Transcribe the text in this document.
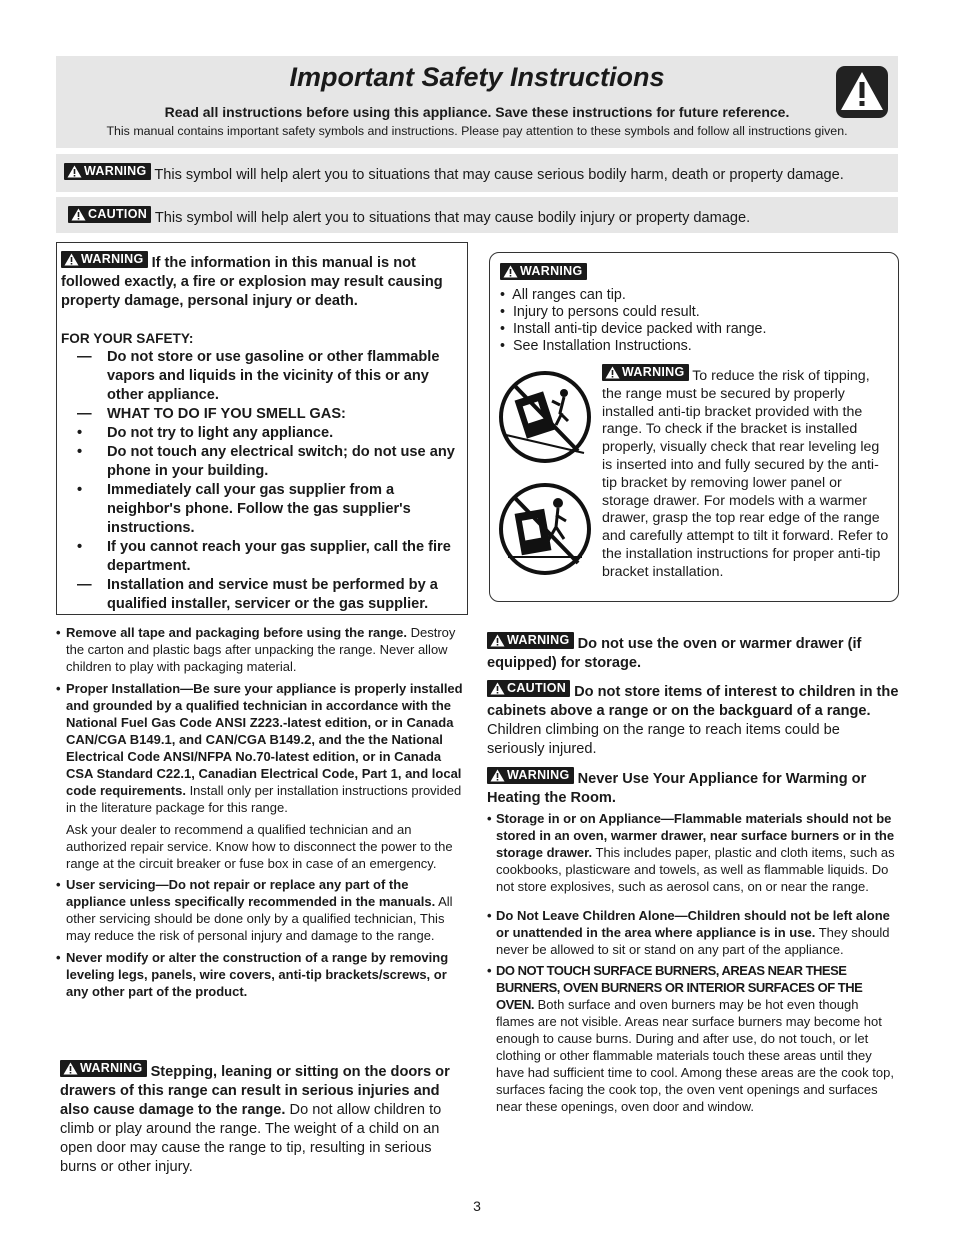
Important Safety Instructions
Read all instructions before using this appliance. Save these instructions for future reference.
This manual contains important safety symbols and instructions. Please pay attention to these symbols and follow all instructions given.
WARNING This symbol will help alert you to situations that may cause serious bodily harm, death or property damage.
CAUTION This symbol will help alert you to situations that may cause bodily injury or property damage.

WARNING If the information in this manual is not followed exactly, a fire or explosion may result causing property damage, personal injury or death.

FOR YOUR SAFETY:

— Do not store or use gasoline or other flammable vapors and liquids in the vicinity of this or any other appliance.
— WHAT TO DO IF YOU SMELL GAS:
• Do not try to light any appliance.
• Do not touch any electrical switch; do not use any phone in your building.
• Immediately call your gas supplier from a neighbor's phone. Follow the gas supplier's instructions.
• If you cannot reach your gas supplier, call the fire department.
— Installation and service must be performed by a qualified installer, servicer or the gas supplier.
• Remove all tape and packaging before using the range. Destroy the carton and plastic bags after unpacking the range. Never allow children to play with packaging material.
• Proper Installation—Be sure your appliance is properly installed and grounded by a qualified technician in accordance with the National Fuel Gas Code ANSI Z223.-latest edition, or in Canada CAN/CGA B149.1, and CAN/CGA B149.2, and the the National Electrical Code ANSI/NFPA No.70-latest edition, or in Canada CSA Standard C22.1, Canadian Electrical Code, Part 1, and local code requirements. Install only per installation instructions provided in the literature package for this range.
Ask your dealer to recommend a qualified technician and an authorized repair service. Know how to disconnect the power to the range at the circuit breaker or fuse box in case of an emergency.
• User servicing—Do not repair or replace any part of the appliance unless specifically recommended in the manuals. All other servicing should be done only by a qualified technician, This may reduce the risk of personal injury and damage to the range.
• Never modify or alter the construction of a range by removing leveling legs, panels, wire covers, anti-tip brackets/screws, or any other part of the product.
WARNING Stepping, leaning or sitting on the doors or drawers of this range can result in serious injuries and also cause damage to the range. Do not allow children to climb or play around the range. The weight of a child on an open door may cause the range to tip, resulting in serious burns or other injury.
WARNING
•  All ranges can tip.
•  Injury to persons could result.
•  Install anti-tip device packed with range.
•  See Installation Instructions.
WARNING To reduce the risk of tipping, the range must be secured by properly installed anti-tip bracket provided with the range. To check if the bracket is installed properly, visually check that rear leveling leg is inserted into and fully secured by the anti-tip bracket by removing lower panel or storage drawer. For models with a warmer drawer, grasp the top rear edge of the range and carefully attempt to tilt it forward. Refer to the installation instructions for proper anti-tip bracket installation.
WARNING Do not use the oven or warmer drawer (if equipped) for storage.
CAUTION Do not store items of interest to children in the cabinets above a range or on the backguard of a range. Children climbing on the range to reach items could be seriously injured.
WARNING Never Use Your Appliance for Warming or Heating the Room.
• Storage in or on Appliance—Flammable materials should not be stored in an oven, warmer drawer, near surface burners or in the storage drawer. This includes paper, plastic and cloth items, such as cookbooks, plasticware and towels, as well as flammable liquids. Do not store explosives, such as aerosol cans, on or near the range.
• Do Not Leave Children Alone—Children should not be left alone or unattended in the area where appliance is in use. They should never be allowed to sit or stand on any part of the appliance.
• DO NOT TOUCH SURFACE BURNERS, AREAS NEAR THESE BURNERS, OVEN BURNERS OR INTERIOR SURFACES OF THE OVEN. Both surface and oven burners may be hot even though flames are not visible. Areas near surface burners may become hot enough to cause burns. During and after use, do not touch, or let clothing or other flammable materials touch these areas until they have had sufficient time to cool. Among these areas are the cook top, surfaces facing the cook top, the oven vent openings and surfaces near these openings, oven door and window.
3
